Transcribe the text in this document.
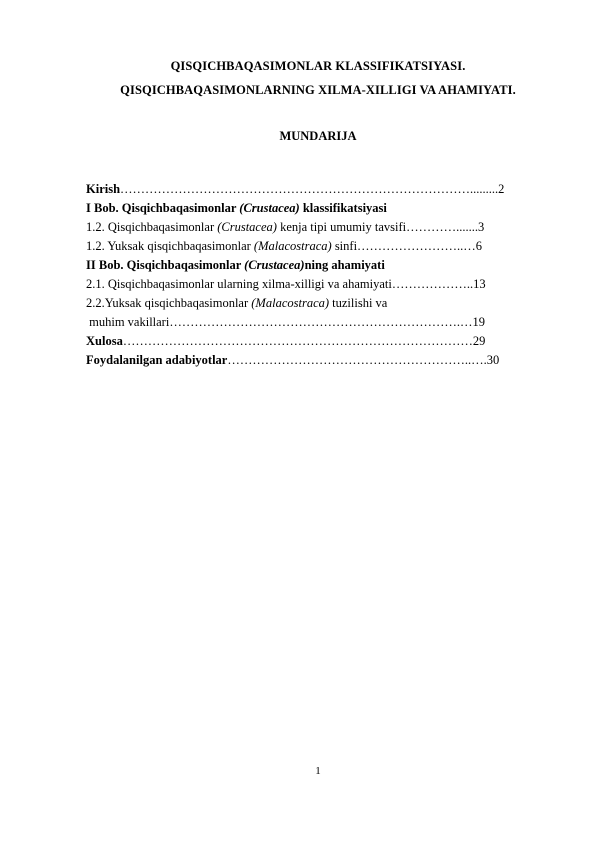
QISQICHBAQASIMONLAR KLASSIFIKATSIYASI.
QISQICHBAQASIMONLARNING XILMA-XILLIGI VA AHAMIYATI.
MUNDARIJA
Kirish………………………………………………………………………….........2
I Bob. Qisqichbaqasimonlar (Crustacea) klassifikatsiyasi
1.2. Qisqichbaqasimonlar (Crustacea) kenja tipi umumiy tavsifi………….......3
1.2. Yuksak qisqichbaqasimonlar (Malacostraca) sinfi……………………..…6
II Bob. Qisqichbaqasimonlar (Crustacea)ning ahamiyati
2.1. Qisqichbaqasimonlar ularning xilma-xilligi va ahamiyati………………..13
2.2.Yuksak qisqichbaqasimonlar (Malacostraca) tuzilishi va
muhim vakillari…………………………………………………………….…19
Xulosa…………………………………………………………………………29
Foydalanilgan adabiyotlar…………………………………………………..….30
1
